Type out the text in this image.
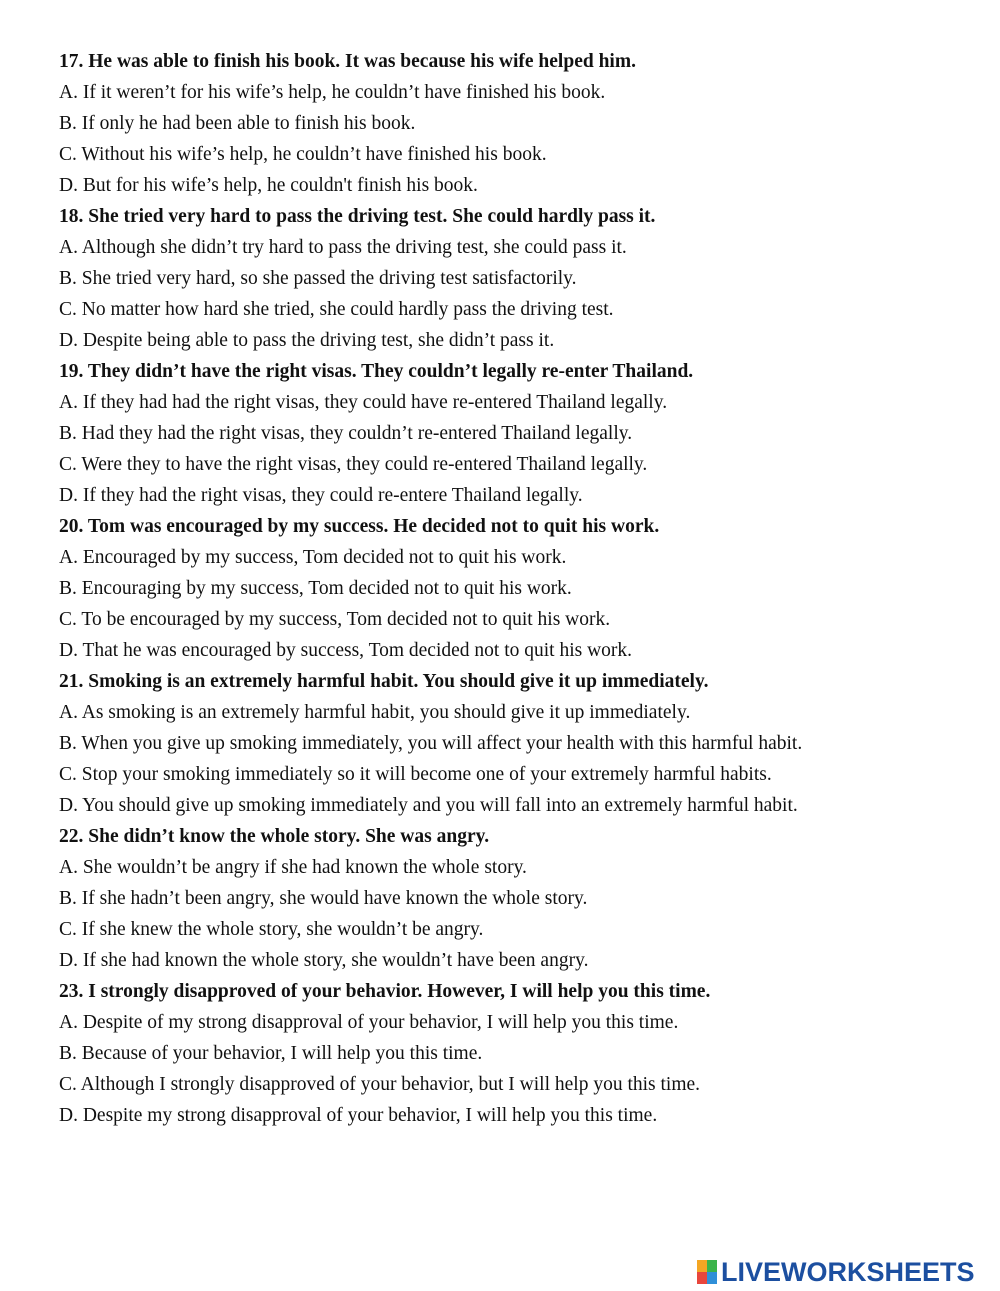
17. He was able to finish his book. It was because his wife helped him.
A. If it weren’t for his wife’s help, he couldn’t have finished his book.
B. If only he had been able to finish his book.
C. Without his wife’s help, he couldn’t have finished his book.
D. But for his wife’s help, he couldn't finish his book.
18. She tried very hard to pass the driving test. She could hardly pass it.
A. Although she didn’t try hard to pass the driving test, she could pass it.
B. She tried very hard, so she passed the driving test satisfactorily.
C. No matter how hard she tried, she could hardly pass the driving test.
D. Despite being able to pass the driving test, she didn’t pass it.
19. They didn’t have the right visas. They couldn’t legally re-enter Thailand.
A. If they had had the right visas, they could have re-entered Thailand legally.
B. Had they had the right visas, they couldn’t re-entered Thailand legally.
C. Were they to have the right visas, they could re-entered Thailand legally.
D. If they had the right visas, they could re-entere Thailand legally.
20. Tom was encouraged by my success. He decided not to quit his work.
A. Encouraged by my success, Tom decided not to quit his work.
B. Encouraging by my success, Tom decided not to quit his work.
C. To be encouraged by my success, Tom decided not to quit his work.
D. That he was encouraged by success, Tom decided not to quit his work.
21. Smoking is an extremely harmful habit. You should give it up immediately.
A. As smoking is an extremely harmful habit, you should give it up immediately.
B. When you give up smoking immediately, you will affect your health with this harmful habit.
C. Stop your smoking immediately so it will become one of your extremely harmful habits.
D. You should give up smoking immediately and you will fall into an extremely harmful habit.
22. She didn’t know the whole story. She was angry.
A. She wouldn’t be angry if she had known the whole story.
B. If she hadn’t been angry, she would have known the whole story.
C. If she knew the whole story, she wouldn’t be angry.
D. If she had known the whole story, she wouldn’t have been angry.
23. I strongly disapproved of your behavior. However, I will help you this time.
A. Despite of my strong disapproval of your behavior, I will help you this time.
B. Because of your behavior, I will help you this time.
C. Although I strongly disapproved of your behavior, but I will help you this time.
D. Despite my strong disapproval of your behavior, I will help you this time.
LIVEWORKSHEETS
